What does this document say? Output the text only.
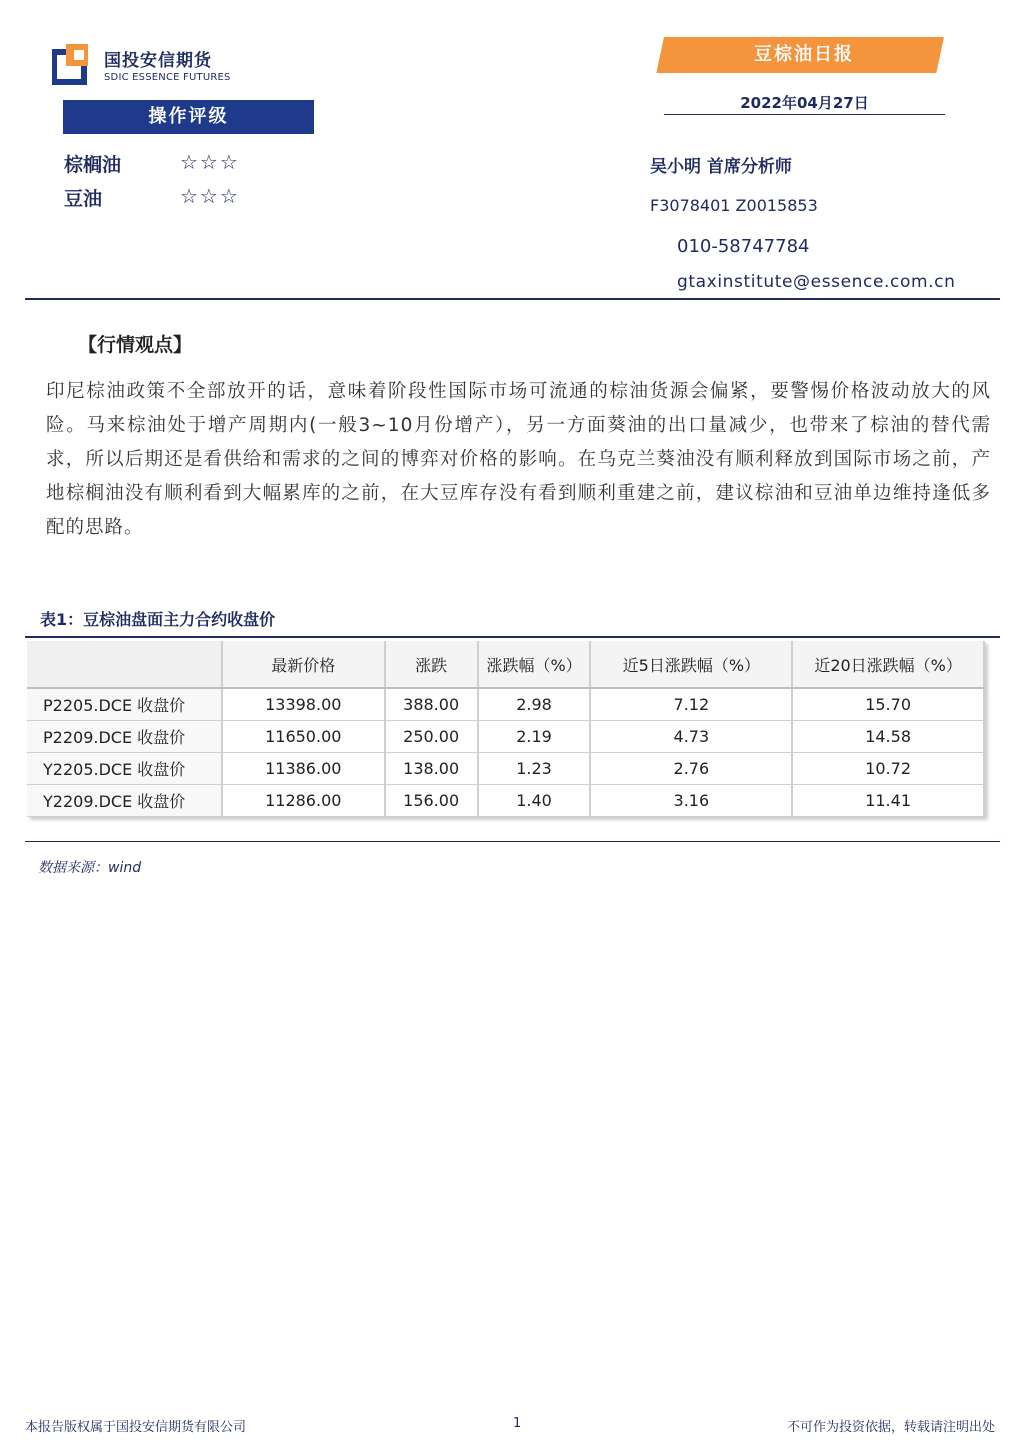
国投安信期货
SDIC ESSENCE FUTURES
豆棕油日报
2022年04月27日
操作评级
棕榈油	☆☆☆
豆油	☆☆☆
吴小明 首席分析师
F3078401 Z0015853
010-58747784
gtaxinstitute@essence.com.cn
【行情观点】
印尼棕油政策不全部放开的话，意味着阶段性国际市场可流通的棕油货源会偏紧，要警惕价格波动放大的风险。马来棕油处于增产周期内(一般3~10月份增产），另一方面葵油的出口量减少，也带来了棕油的替代需求，所以后期还是看供给和需求的之间的博弈对价格的影响。在乌克兰葵油没有顺利释放到国际市场之前，产地棕榈油没有顺利看到大幅累库的之前，在大豆库存没有看到顺利重建之前，建议棕油和豆油单边维持逢低多配的思路。
表1：豆棕油盘面主力合约收盘价
	最新价格	涨跌	涨跌幅（%）	近5日涨跌幅（%）	近20日涨跌幅（%）
P2205.DCE 收盘价	13398.00	388.00	2.98	7.12	15.70
P2209.DCE 收盘价	11650.00	250.00	2.19	4.73	14.58
Y2205.DCE 收盘价	11386.00	138.00	1.23	2.76	10.72
Y2209.DCE 收盘价	11286.00	156.00	1.40	3.16	11.41
数据来源：wind
本报告版权属于国投安信期货有限公司	1	不可作为投资依据，转载请注明出处
